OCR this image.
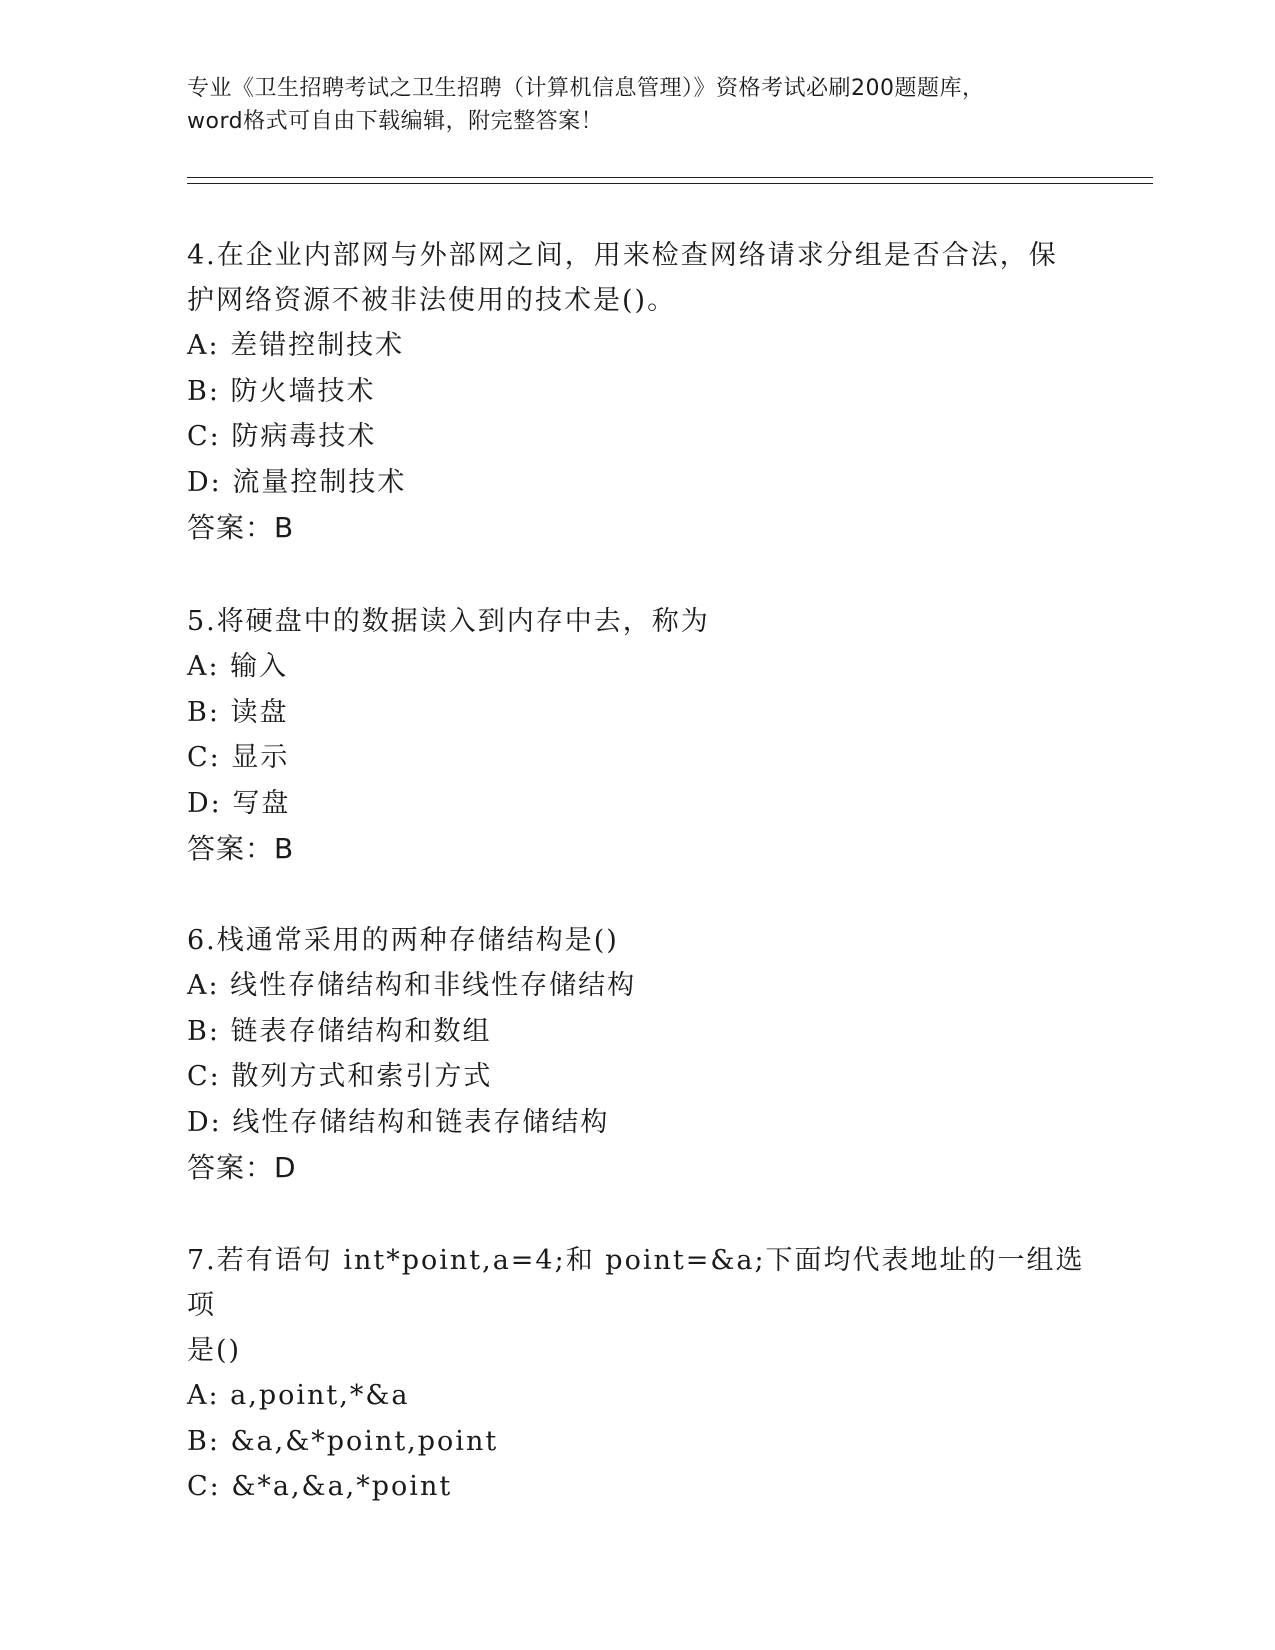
专业《卫生招聘考试之卫生招聘（计算机信息管理）》资格考试必刷200题题库，
word格式可自由下载编辑，附完整答案！
4.在企业内部网与外部网之间，用来检查网络请求分组是否合法，保
护网络资源不被非法使用的技术是()。
A: 差错控制技术
B: 防火墙技术
C: 防病毒技术
D: 流量控制技术
答案：B
5.将硬盘中的数据读入到内存中去，称为
A: 输入
B: 读盘
C: 显示
D: 写盘
答案：B
6.栈通常采用的两种存储结构是()
A: 线性存储结构和非线性存储结构
B: 链表存储结构和数组
C: 散列方式和索引方式
D: 线性存储结构和链表存储结构
答案：D
7.若有语句 int*point,a=4;和 point=&a;下面均代表地址的一组选项
是()
A: a,point,*&a
B: &a,&*point,point
C: &*a,&a,*point
